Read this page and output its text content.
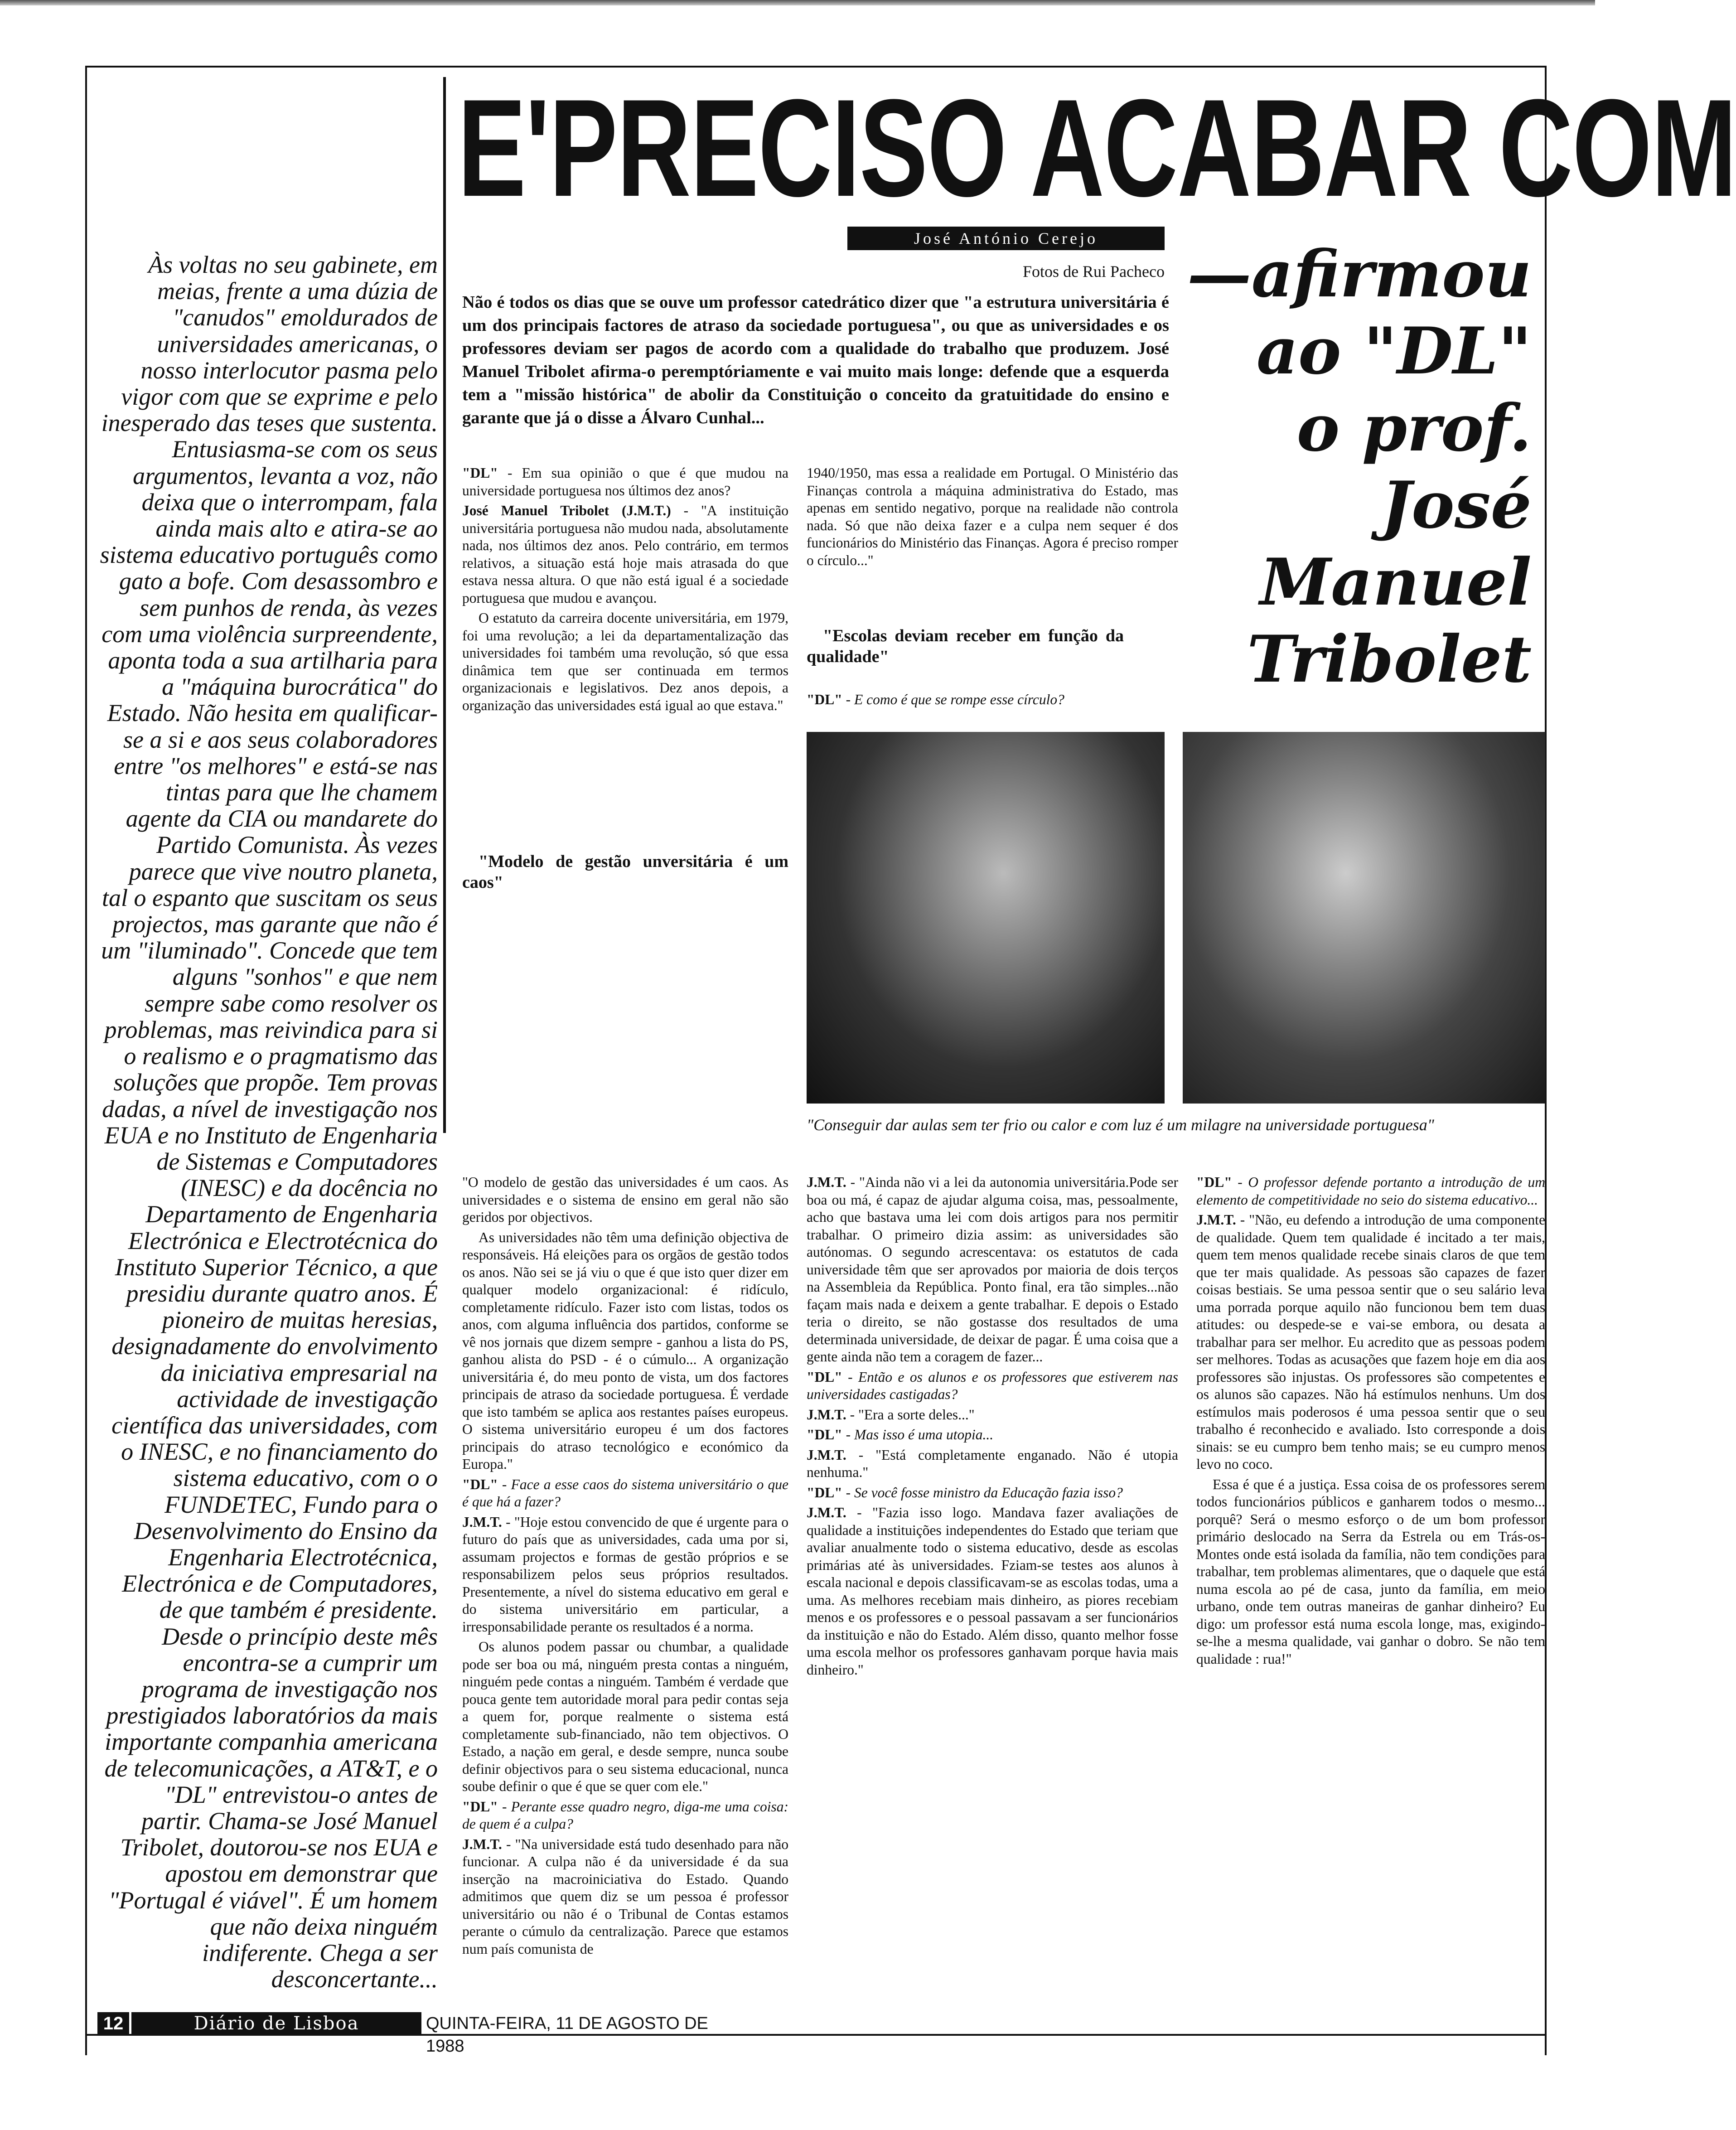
E'PRECISO ACABAR COM
José António Cerejo
Fotos de Rui Pacheco —afirmou
ao "DL"
o prof.
José
Manuel
Tribolet
Às voltas no seu gabinete, em meias, frente a uma dúzia de "canudos" emoldurados de universidades americanas, o nosso interlocutor pasma pelo vigor com que se exprime e pelo inesperado das teses que sustenta. Entusiasma-se com os seus argumentos, levanta a voz, não deixa que o interrompam, fala ainda mais alto e atira-se ao sistema educativo português como gato a bofe. Com desassombro e sem punhos de renda, às vezes com uma violência surpreendente, aponta toda a sua artilharia para a "máquina burocrática" do Estado. Não hesita em qualificar-se a si e aos seus colaboradores entre "os melhores" e está-se nas tintas para que lhe chamem agente da CIA ou mandarete do Partido Comunista. Às vezes parece que vive noutro planeta, tal o espanto que suscitam os seus projectos, mas garante que não é um "iluminado". Concede que tem alguns "sonhos" e que nem sempre sabe como resolver os problemas, mas reivindica para si o realismo e o pragmatismo das soluções que propõe. Tem provas dadas, a nível de investigação nos EUA e no Instituto de Engenharia de Sistemas e Computadores (INESC) e da docência no Departamento de Engenharia Electrónica e Electrotécnica do Instituto Superior Técnico, a que presidiu durante quatro anos. É pioneiro de muitas heresias, designadamente do envolvimento da iniciativa empresarial na actividade de investigação científica das universidades, com o INESC, e no financiamento do sistema educativo, com o o FUNDETEC, Fundo para o Desenvolvimento do Ensino da Engenharia Electrotécnica, Electrónica e de Computadores, de que também é presidente. Desde o princípio deste mês encontra-se a cumprir um programa de investigação nos prestigiados laboratórios da mais importante companhia americana de telecomunicações, a AT&T, e o "DL" entrevistou-o antes de partir. Chama-se José Manuel Tribolet, doutorou-se nos EUA e apostou em demonstrar que "Portugal é viável". É um homem que não deixa ninguém indiferente. Chega a ser desconcertante...
Não é todos os dias que se ouve um professor catedrático dizer que "a estrutura universitária é um dos principais factores de atraso da sociedade portuguesa", ou que as universidades e os professores deviam ser pagos de acordo com a qualidade do trabalho que produzem. José Manuel Tribolet afirma-o peremptóriamente e vai muito mais longe: defende que a esquerda tem a "missão histórica" de abolir da Constituição o conceito da gratuitidade do ensino e garante que já o disse a Álvaro Cunhal...

"DL" - Em sua opinião o que é que mudou na universidade portuguesa nos últimos dez anos?

José Manuel Tribolet (J.M.T.) - "A instituição universitária portuguesa não mudou nada, absolutamente nada, nos últimos dez anos. Pelo contrário, em termos relativos, a situação está hoje mais atrasada do que estava nessa altura. O que não está igual é a sociedade portuguesa que mudou e avançou.

O estatuto da carreira docente universitária, em 1979, foi uma revolução; a lei da departamentalização das universidades foi também uma revolução, só que essa dinâmica tem que ser continuada em termos organizacionais e legislativos. Dez anos depois, a organização das universidades está igual ao que estava."

"Modelo de gestão unversitária é um caos"

"O modelo de gestão das universidades é um caos. As universidades e o sistema de ensino em geral não são geridos por objectivos.

As universidades não têm uma definição objectiva de responsáveis. Há eleições para os orgãos de gestão todos os anos. Não sei se já viu o que é que isto quer dizer em qualquer modelo organizacional: é ridículo, completamente ridículo. Fazer isto com listas, todos os anos, com alguma influência dos partidos, conforme se vê nos jornais que dizem sempre - ganhou a lista do PS, ganhou alista do PSD - é o cúmulo... A organização universitária é, do meu ponto de vista, um dos factores principais de atraso da sociedade portuguesa. É verdade que isto também se aplica aos restantes países europeus. O sistema universitário europeu é um dos factores principais do atraso tecnológico e económico da Europa."

"DL" - Face a esse caos do sistema universitário o que é que há a fazer?

J.M.T. - "Hoje estou convencido de que é urgente para o futuro do país que as universidades, cada uma por si, assumam projectos e formas de gestão próprios e se responsabilizem pelos seus próprios resultados. Presentemente, a nível do sistema educativo em geral e do sistema universitário em particular, a irresponsabilidade perante os resultados é a norma.

Os alunos podem passar ou chumbar, a qualidade pode ser boa ou má, ninguém presta contas a ninguém, ninguém pede contas a ninguém. Também é verdade que pouca gente tem autoridade moral para pedir contas seja a quem for, porque realmente o sistema está completamente sub-financiado, não tem objectivos. O Estado, a nação em geral, e desde sempre, nunca soube definir objectivos para o seu sistema educacional, nunca soube definir o que é que se quer com ele."

"DL" - Perante esse quadro negro, diga-me uma coisa: de quem é a culpa?

J.M.T. - "Na universidade está tudo desenhado para não funcionar. A culpa não é da universidade é da sua inserção na macroiniciativa do Estado. Quando admitimos que quem diz se um pessoa é professor universitário ou não é o Tribunal de Contas estamos perante o cúmulo da centralização. Parece que estamos num país comunista de

1940/1950, mas essa a realidade em Portugal. O Ministério das Finanças controla a máquina administrativa do Estado, mas apenas em sentido negativo, porque na realidade não controla nada. Só que não deixa fazer e a culpa nem sequer é dos funcionários do Ministério das Finanças. Agora é preciso romper o círculo..."

"Escolas deviam receber em função da qualidade"

"DL" - E como é que se rompe esse círculo?

"Conseguir dar aulas sem ter frio ou calor e com luz é um milagre na universidade portuguesa"

J.M.T. - "Ainda não vi a lei da autonomia universitária.Pode ser boa ou má, é capaz de ajudar alguma coisa, mas, pessoalmente, acho que bastava uma lei com dois artigos para nos permitir trabalhar. O primeiro dizia assim: as universidades são autónomas. O segundo acrescentava: os estatutos de cada universidade têm que ser aprovados por maioria de dois terços na Assembleia da República. Ponto final, era tão simples...não façam mais nada e deixem a gente trabalhar. E depois o Estado teria o direito, se não gostasse dos resultados de uma determinada universidade, de deixar de pagar. É uma coisa que a gente ainda não tem a coragem de fazer...

"DL" - Então e os alunos e os professores que estiverem nas universidades castigadas?

J.M.T. - "Era a sorte deles..."

"DL" - Mas isso é uma utopia...

J.M.T. - "Está completamente enganado. Não é utopia nenhuma."

"DL" - Se você fosse ministro da Educação fazia isso?

J.M.T. - "Fazia isso logo. Mandava fazer avaliações de qualidade a instituições independentes do Estado que teriam que avaliar anualmente todo o sistema educativo, desde as escolas primárias até às universidades. Fziam-se testes aos alunos à escala nacional e depois classificavam-se as escolas todas, uma a uma. As melhores recebiam mais dinheiro, as piores recebiam menos e os professores e o pessoal passavam a ser funcionários da instituição e não do Estado. Além disso, quanto melhor fosse uma escola melhor os professores ganhavam porque havia mais dinheiro."

"DL" - O professor defende portanto a introdução de um elemento de competitividade no seio do sistema educativo...

J.M.T. - "Não, eu defendo a introdução de uma componente de qualidade. Quem tem qualidade é incitado a ter mais, quem tem menos qualidade recebe sinais claros de que tem que ter mais qualidade. As pessoas são capazes de fazer coisas bestiais. Se uma pessoa sentir que o seu salário leva uma porrada porque aquilo não funcionou bem tem duas atitudes: ou despede-se e vai-se embora, ou desata a trabalhar para ser melhor. Eu acredito que as pessoas podem ser melhores. Todas as acusações que fazem hoje em dia aos professores são injustas. Os professores são competentes e os alunos são capazes. Não há estímulos nenhuns. Um dos estímulos mais poderosos é uma pessoa sentir que o seu trabalho é reconhecido e avaliado. Isto corresponde a dois sinais: se eu cumpro bem tenho mais; se eu cumpro menos levo no coco.

Essa é que é a justiça. Essa coisa de os professores serem todos funcionários públicos e ganharem todos o mesmo... porquê? Será o mesmo esforço o de um bom professor primário deslocado na Serra da Estrela ou em Trás-os-Montes onde está isolada da família, não tem condições para trabalhar, tem problemas alimentares, que o daquele que está numa escola ao pé de casa, junto da família, em meio urbano, onde tem outras maneiras de ganhar dinheiro? Eu digo: um professor está numa escola longe, mas, exigindo-se-lhe a mesma qualidade, vai ganhar o dobro. Se não tem qualidade : rua!"

12	Diário de Lisboa	QUINTA-FEIRA, 11 DE AGOSTO DE 1988
